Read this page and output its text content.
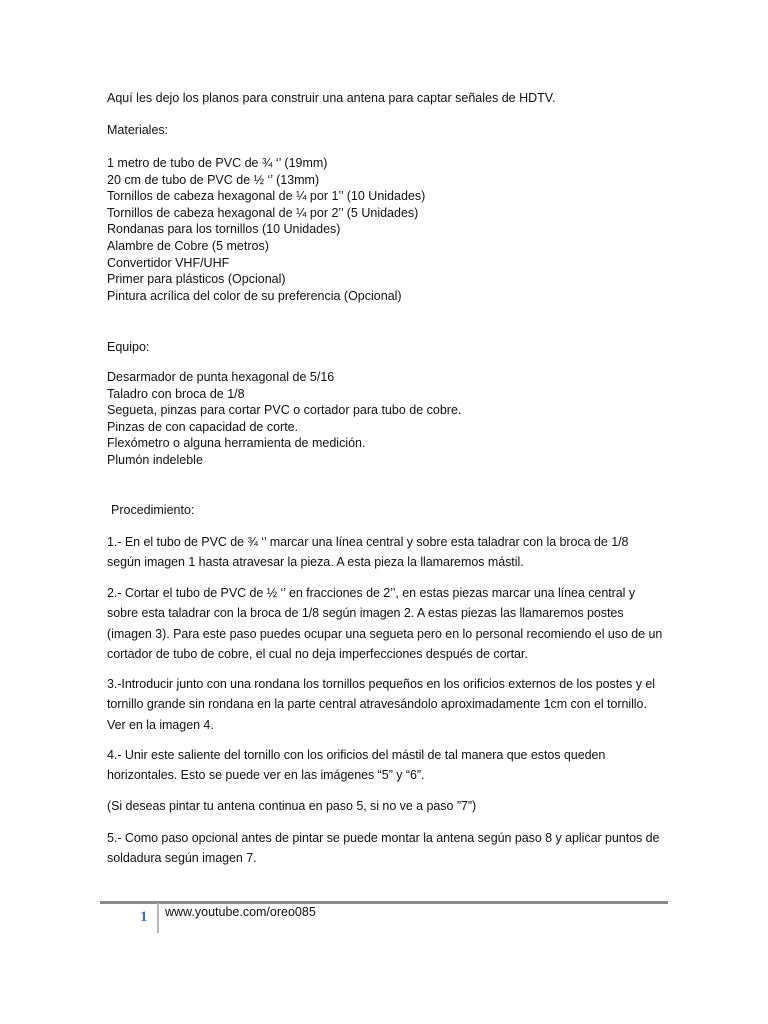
Aquí les dejo los planos para construir una antena para captar señales de HDTV.
Materiales:
1 metro de tubo de PVC de ¾ ‘’ (19mm)
20 cm de tubo de PVC de ½ ‘’ (13mm)
Tornillos de cabeza hexagonal de ¼ por 1’’ (10 Unidades)
Tornillos de cabeza hexagonal de ¼ por 2’’ (5 Unidades)
Rondanas para los tornillos (10 Unidades)
Alambre de Cobre (5 metros)
Convertidor VHF/UHF
Primer para plásticos (Opcional)
Pintura acrílica del color de su preferencia (Opcional)
Equipo:
Desarmador de punta hexagonal de 5/16
Taladro con broca de 1/8
Segueta, pinzas para cortar PVC o cortador para tubo de cobre.
Pinzas de con capacidad de corte.
Flexómetro o alguna herramienta de medición.
Plumón indeleble
Procedimiento:
1.- En el tubo de PVC de ¾ ‘’ marcar una línea central y sobre esta taladrar con la broca de 1/8 según imagen 1 hasta atravesar la pieza. A esta pieza la llamaremos mástil.
2.- Cortar el tubo de PVC de ½ ‘’ en fracciones de 2’’, en estas piezas marcar una línea central y sobre esta taladrar con la broca de 1/8 según imagen 2. A estas piezas las llamaremos postes (imagen 3). Para este paso puedes ocupar una segueta pero en lo personal recomiendo el uso de un cortador de tubo de cobre, el cual no deja imperfecciones después de cortar.
3.-Introducir junto con una rondana los tornillos pequeños en los orificios externos de los postes y el tornillo grande sin rondana en la parte central atravesándolo aproximadamente 1cm con el tornillo. Ver en la imagen 4.
4.- Unir este saliente del tornillo con los orificios del mástil de tal manera que estos queden horizontales. Esto se puede ver en las imágenes “5” y “6”.
(Si deseas pintar tu antena continua en paso 5, si no ve a paso ”7”)
5.- Como paso opcional antes de pintar se puede montar la antena según paso 8 y aplicar puntos de soldadura según imagen 7.
1 www.youtube.com/oreo085
